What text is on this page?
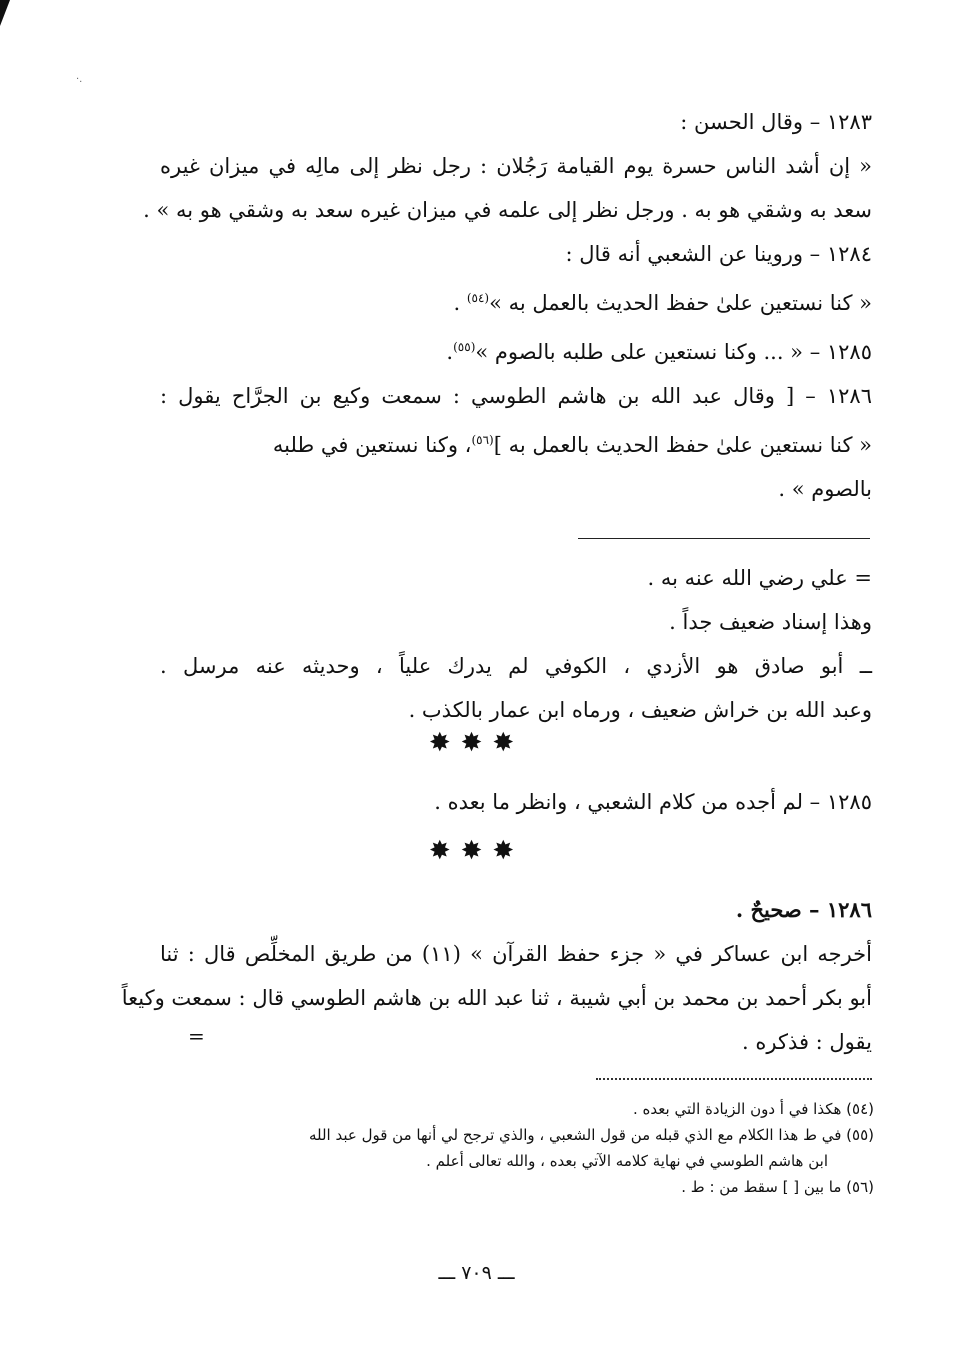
·.
١٢٨٣ – وقال الحسن :
« إن أشد الناس حسرة يوم القيامة رَجُلان : رجل نظر إلى مالِه في ميزان غيره
سعد به وشقي هو به . ورجل نظر إلى علمه في ميزان غيره سعد به وشقي هو به » .
١٢٨٤ – وروينا عن الشعبي أنه قال :
« كنا نستعين علىٰ حفظ الحديث بالعمل به »$^{(٥٤)}$ .
١٢٨٥ – « ... وكنا نستعين على طلبه بالصوم »$^{(٥٥)}$.
١٢٨٦ – [ وقال عبد الله بن هاشم الطوسي : سمعت وكيع بن الجرَّاح يقول :
« كنا نستعين علىٰ حفظ الحديث بالعمل به ]$^{(٥٦)}$، وكنا نستعين في طلبه
بالصوم » .
= علي رضي الله عنه به .
وهذا إسناد ضعيف جداً .
ــ أبو صادق هو الأزدي ، الكوفي لم يدرك علياً ، وحديثه عنه مرسل .
وعبد الله بن خراش ضعيف ، ورماه ابن عمار بالكذب .
✸✸✸
١٢٨٥ – لم أجده من كلام الشعبي ، وانظر ما بعده .
✸✸✸
١٢٨٦ – صحيحٌ .
أخرجه ابن عساكر في « جزء حفظ القرآن » (١١) من طريق المخلِّص قال : ثنا
أبو بكر أحمد بن محمد بن أبي شيبة ، ثنا عبد الله بن هاشم الطوسي قال : سمعت وكيعاً
يقول : فذكره .
=
(٥٤) هكذا في أ دون الزيادة التي بعده .
(٥٥) في ط هذا الكلام مع الذي قبله من قول الشعبي ، والذي ترجح لي أنها من قول عبد الله
ابن هاشم الطوسي في نهاية كلامه الآتي بعده ، والله تعالى أعلم .
(٥٦) ما بين [ ] سقط من : ط .
ـــ ٧٠٩ ـــ
